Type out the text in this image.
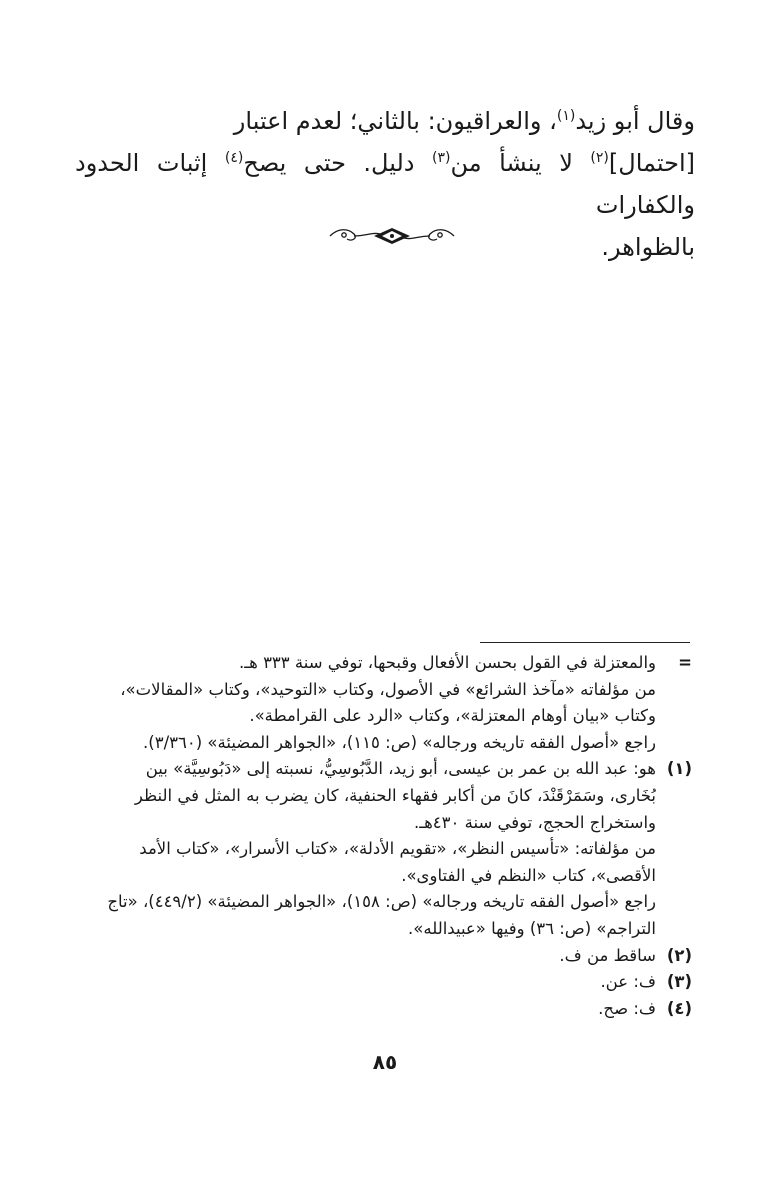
وقال أبو زيد$^{(١)}$، والعراقيون: بالثاني؛ لعدم اعتبار

[احتمال]$^{(٢)}$ لا ينشأ من$^{(٣)}$ دليل. حتى يصح$^{(٤)}$ إثبات الحدود والكفارات

بالظواهر.

=
والمعتزلة في القول بحسن الأفعال وقبحها، توفي سنة ٣٣٣ هـ.
من مؤلفاته «مآخذ الشرائع» في الأصول، وكتاب «التوحيد»، وكتاب «المقالات»،
وكتاب «بيان أوهام المعتزلة»، وكتاب «الرد على القرامطة».
راجع «أصول الفقه تاريخه ورجاله» (ص: ١١٥)، «الجواهر المضيئة» (٣/٣٦٠).
(١)
هو: عبد الله بن عمر بن عيسى، أبو زيد، الدَّبُوسِيُّ، نسبته إلى «دَبُوسِيَّة» بين
بُخَارى، وسَمَرْقَنْدَ، كانَ من أكابر فقهاء الحنفية، كان يضرب به المثل في النظر
واستخراج الحجج، توفي سنة ٤٣٠هـ.
من مؤلفاته: «تأسيس النظر»، «تقويم الأدلة»، «كتاب الأسرار»، «كتاب الأمد
الأقصى»، كتاب «النظم في الفتاوى».
راجع «أصول الفقه تاريخه ورجاله» (ص: ١٥٨)، «الجواهر المضيئة» (٤٤٩/٢)، «تاج
التراجم» (ص: ٣٦) وفيها «عبيدالله».
(٢)
ساقط من ف.
(٣)
ف: عن.
(٤)
ف: صح.
٨٥
